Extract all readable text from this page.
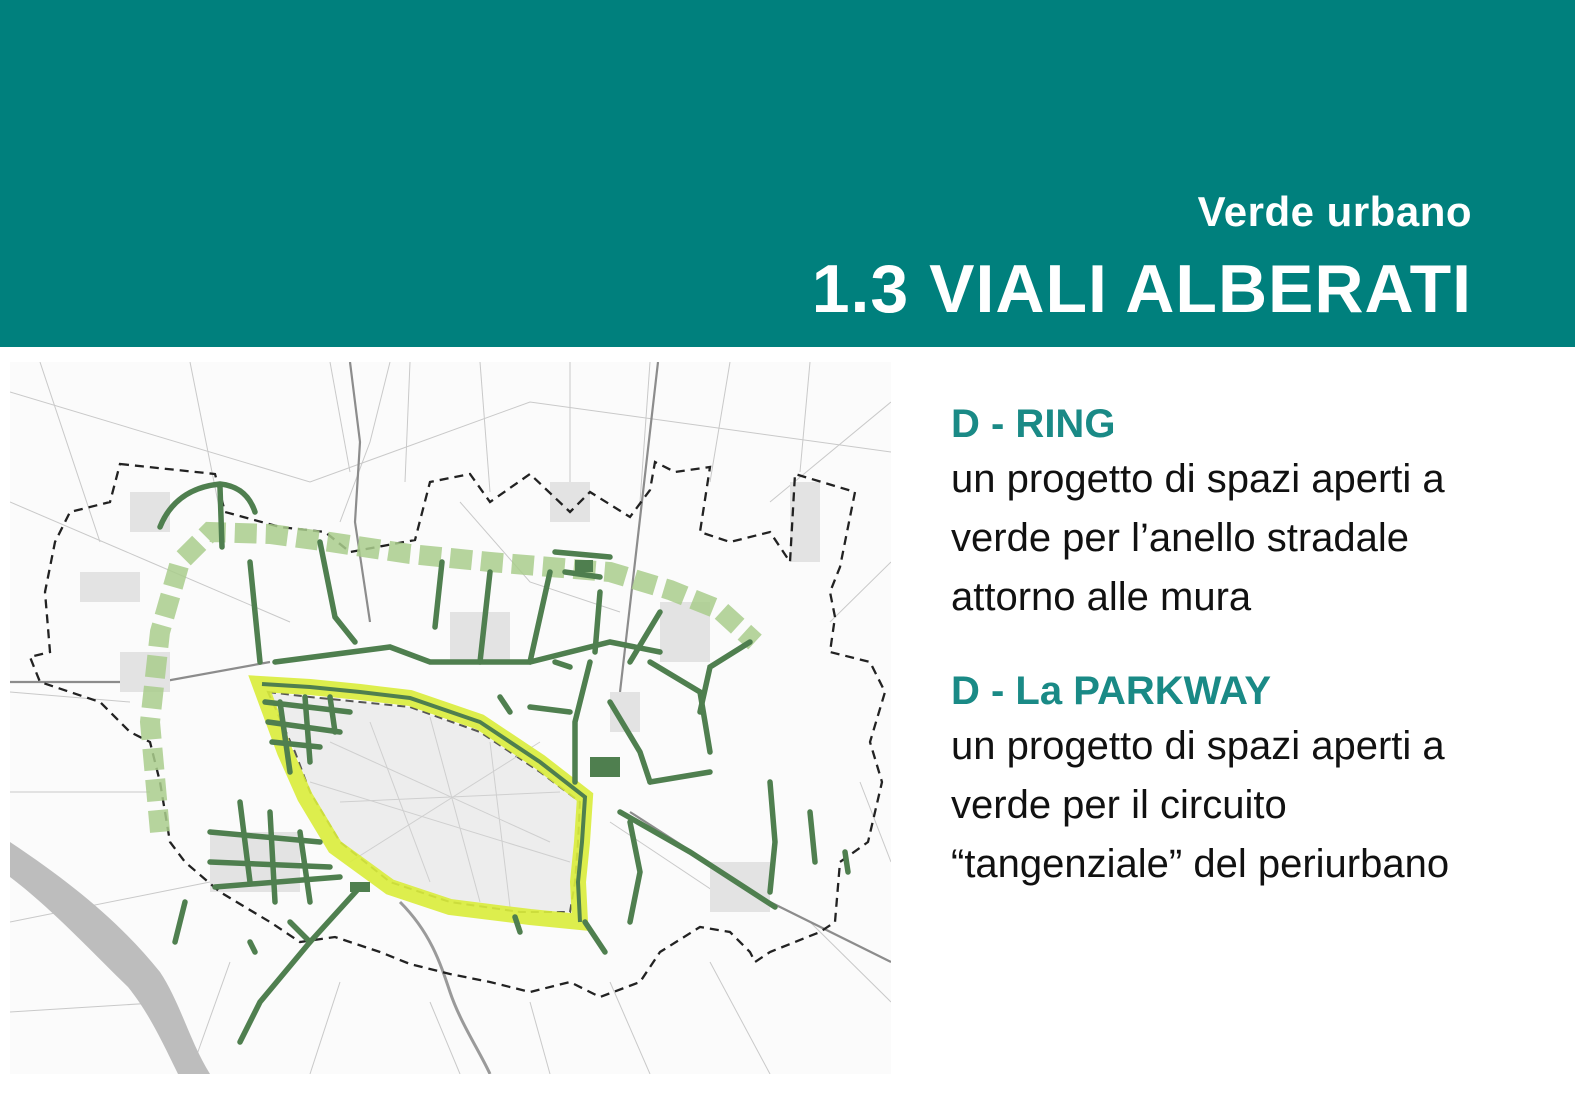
Verde urbano
1.3 VIALI ALBERATI
D - RING
un progetto di spazi aperti a
verde per l’anello stradale
attorno alle mura
D - La PARKWAY
un progetto di spazi aperti a
verde per il circuito
“tangenziale” del periurbano
